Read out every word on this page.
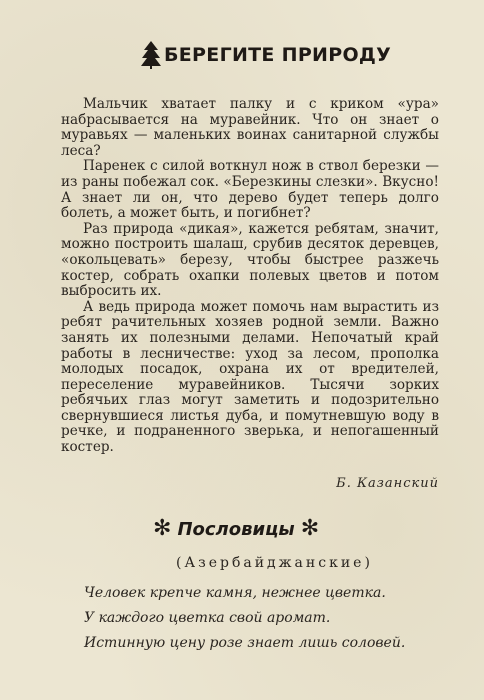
БЕРЕГИТЕ ПРИРОДУ

Мальчик хватает палку и с криком «ура» набрасывается на муравейник. Что он знает о муравьях — маленьких воинах санитарной службы леса?

Паренек с силой воткнул нож в ствол березки — из раны побежал сок. «Березкины слезки». Вкусно! А знает ли он, что дерево будет теперь долго болеть, а может быть, и погибнет?

Раз природа «дикая», кажется ребятам, значит, можно построить шалаш, срубив десяток деревцев, «окольцевать» березу, чтобы быстрее разжечь костер, собрать охапки полевых цветов и потом выбросить их.

А ведь природа может помочь нам вырастить из ребят рачительных хозяев родной земли. Важно занять их полезными делами. Непочатый край работы в лесничестве: уход за лесом, прополка молодых посадок, охрана их от вредителей, переселение муравейников. Тысячи зорких ребячьих глаз могут заметить и подозрительно свернувшиеся листья дуба, и помутневшую воду в речке, и подраненного зверька, и непогашенный костер.

Б. Казанский
✻ Пословицы ✻
(Азербайджанские)
Человек крепче камня, нежнее цветка.
У каждого цветка свой аромат.
Истинную цену розе знает лишь соловей.
